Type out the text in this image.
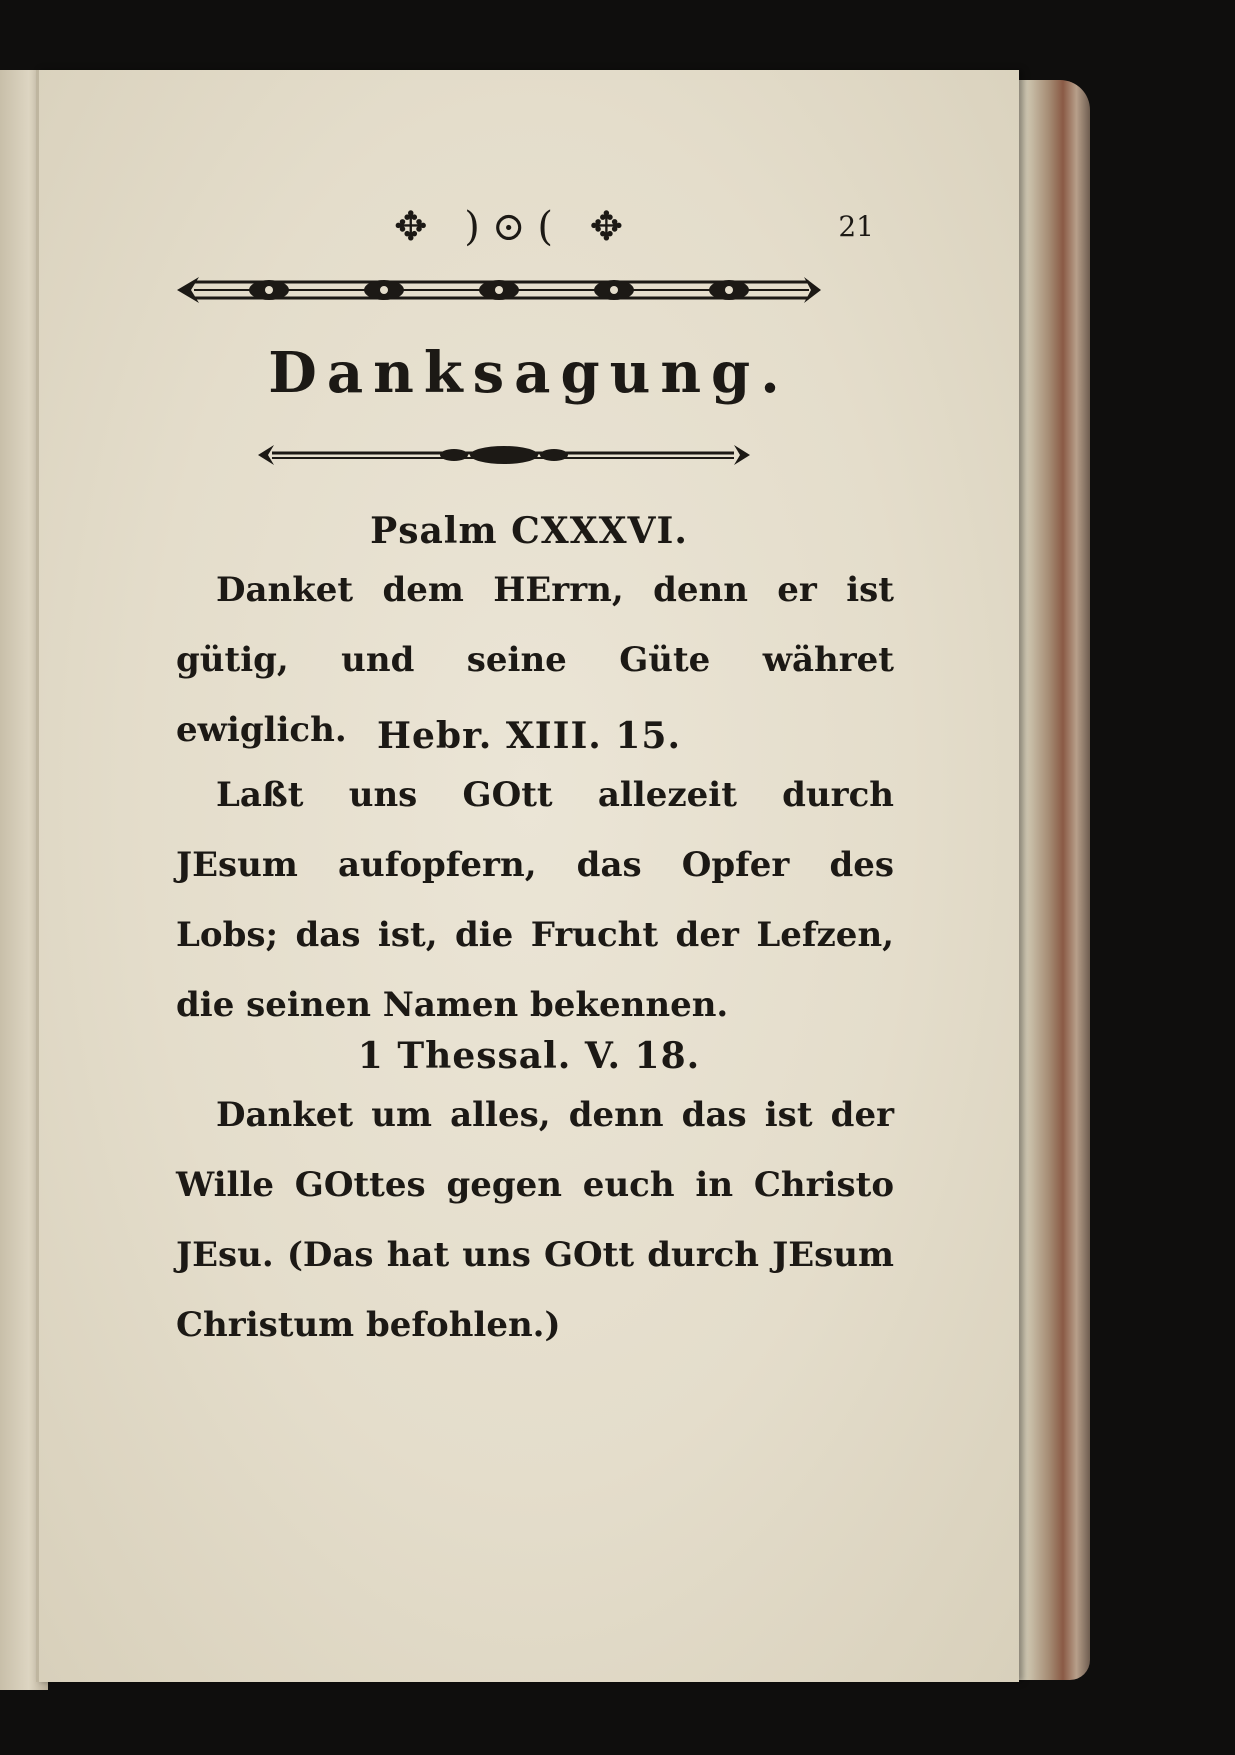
✥ )⊙( ✥	21
Danksagung.
Psalm CXXXVI.
Danket dem HErrn, denn er ist gütig, und seine Güte währet ewiglich. Hebr. XIII. 15.
Laßt uns GOtt allezeit durch JEsum aufopfern, das Opfer des Lobs; das ist, die Frucht der Lefzen, die seinen Namen bekennen.
1 Thessal. V. 18.
Danket um alles, denn das ist der Wille GOttes gegen euch in Christo JEsu. (Das hat uns GOtt durch JEsum Christum befohlen.)
